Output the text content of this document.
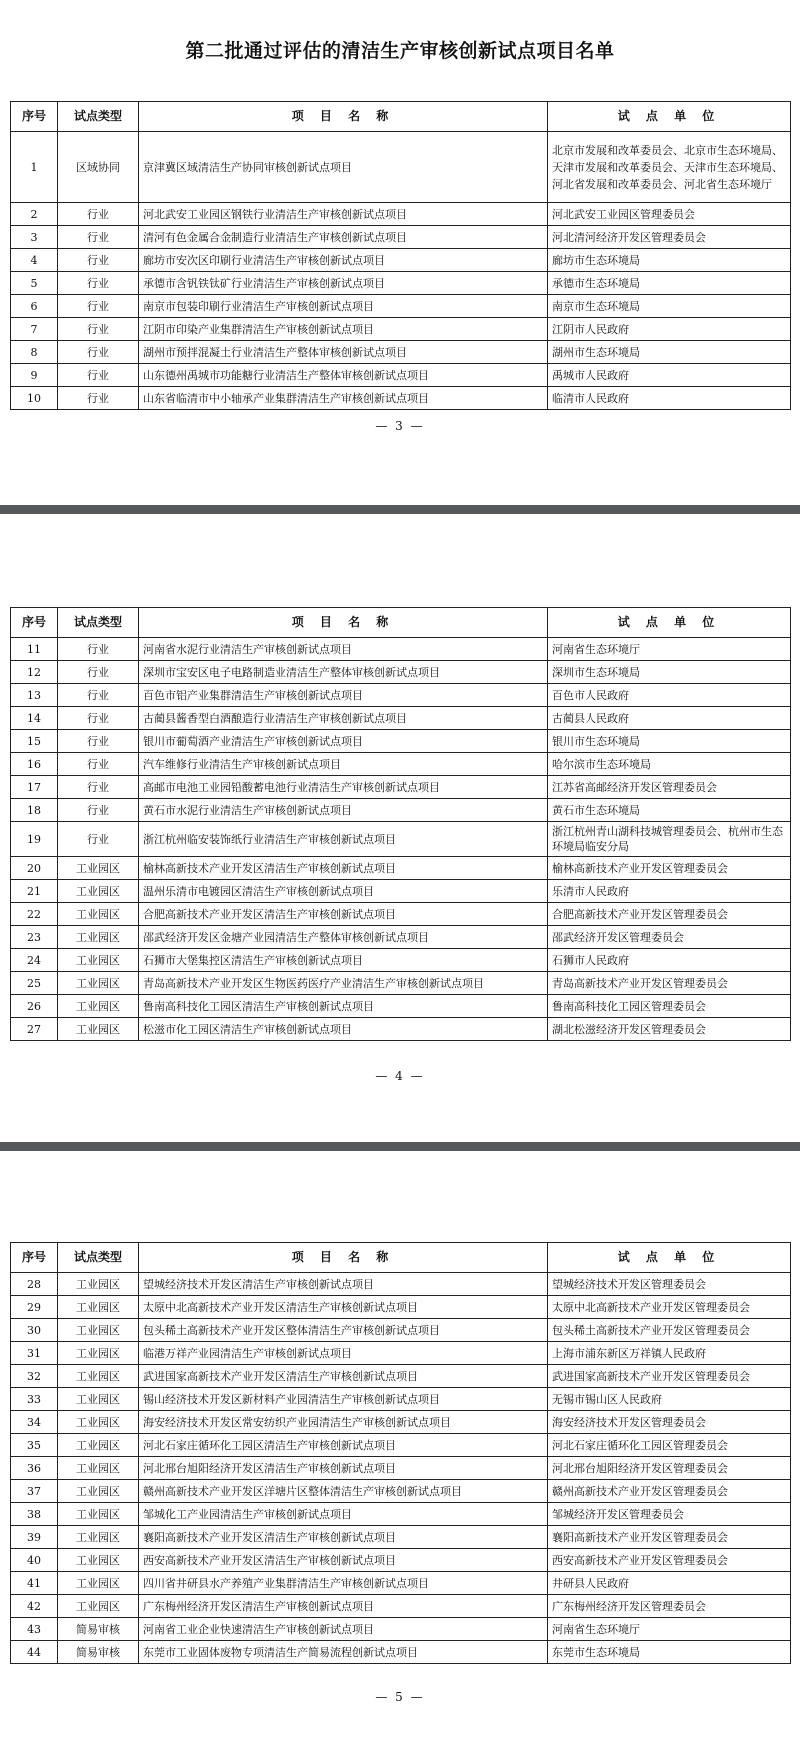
第二批通过评估的清洁生产审核创新试点项目名单
序号	试点类型	项 目 名 称	试 点 单 位
1	区域协同	京津冀区域清洁生产协同审核创新试点项目	北京市发展和改革委员会、北京市生态环境局、天津市发展和改革委员会、天津市生态环境局、河北省发展和改革委员会、河北省生态环境厅
2	行业	河北武安工业园区钢铁行业清洁生产审核创新试点项目	河北武安工业园区管理委员会
3	行业	清河有色金属合金制造行业清洁生产审核创新试点项目	河北清河经济开发区管理委员会
4	行业	廊坊市安次区印刷行业清洁生产审核创新试点项目	廊坊市生态环境局
5	行业	承德市含钒铁钛矿行业清洁生产审核创新试点项目	承德市生态环境局
6	行业	南京市包装印刷行业清洁生产审核创新试点项目	南京市生态环境局
7	行业	江阴市印染产业集群清洁生产审核创新试点项目	江阴市人民政府
8	行业	湖州市预拌混凝土行业清洁生产整体审核创新试点项目	湖州市生态环境局
9	行业	山东德州禹城市功能糖行业清洁生产整体审核创新试点项目	禹城市人民政府
10	行业	山东省临清市中小轴承产业集群清洁生产审核创新试点项目	临清市人民政府
— 3 —
序号	试点类型	项 目 名 称	试 点 单 位
11	行业	河南省水泥行业清洁生产审核创新试点项目	河南省生态环境厅
12	行业	深圳市宝安区电子电路制造业清洁生产整体审核创新试点项目	深圳市生态环境局
13	行业	百色市铝产业集群清洁生产审核创新试点项目	百色市人民政府
14	行业	古蔺县酱香型白酒酿造行业清洁生产审核创新试点项目	古蔺县人民政府
15	行业	银川市葡萄酒产业清洁生产审核创新试点项目	银川市生态环境局
16	行业	汽车维修行业清洁生产审核创新试点项目	哈尔滨市生态环境局
17	行业	高邮市电池工业园铅酸蓄电池行业清洁生产审核创新试点项目	江苏省高邮经济开发区管理委员会
18	行业	黄石市水泥行业清洁生产审核创新试点项目	黄石市生态环境局
19	行业	浙江杭州临安装饰纸行业清洁生产审核创新试点项目	浙江杭州青山湖科技城管理委员会、杭州市生态环境局临安分局
20	工业园区	榆林高新技术产业开发区清洁生产审核创新试点项目	榆林高新技术产业开发区管理委员会
21	工业园区	温州乐清市电镀园区清洁生产审核创新试点项目	乐清市人民政府
22	工业园区	合肥高新技术产业开发区清洁生产审核创新试点项目	合肥高新技术产业开发区管理委员会
23	工业园区	邵武经济开发区金塘产业园清洁生产整体审核创新试点项目	邵武经济开发区管理委员会
24	工业园区	石狮市大堡集控区清洁生产审核创新试点项目	石狮市人民政府
25	工业园区	青岛高新技术产业开发区生物医药医疗产业清洁生产审核创新试点项目	青岛高新技术产业开发区管理委员会
26	工业园区	鲁南高科技化工园区清洁生产审核创新试点项目	鲁南高科技化工园区管理委员会
27	工业园区	松滋市化工园区清洁生产审核创新试点项目	湖北松滋经济开发区管理委员会
— 4 —
序号	试点类型	项 目 名 称	试 点 单 位
28	工业园区	望城经济技术开发区清洁生产审核创新试点项目	望城经济技术开发区管理委员会
29	工业园区	太原中北高新技术产业开发区清洁生产审核创新试点项目	太原中北高新技术产业开发区管理委员会
30	工业园区	包头稀土高新技术产业开发区整体清洁生产审核创新试点项目	包头稀土高新技术产业开发区管理委员会
31	工业园区	临港万祥产业园清洁生产审核创新试点项目	上海市浦东新区万祥镇人民政府
32	工业园区	武进国家高新技术产业开发区清洁生产审核创新试点项目	武进国家高新技术产业开发区管理委员会
33	工业园区	锡山经济技术开发区新材料产业园清洁生产审核创新试点项目	无锡市锡山区人民政府
34	工业园区	海安经济技术开发区常安纺织产业园清洁生产审核创新试点项目	海安经济技术开发区管理委员会
35	工业园区	河北石家庄循环化工园区清洁生产审核创新试点项目	河北石家庄循环化工园区管理委员会
36	工业园区	河北邢台旭阳经济开发区清洁生产审核创新试点项目	河北邢台旭阳经济开发区管理委员会
37	工业园区	赣州高新技术产业开发区洋塘片区整体清洁生产审核创新试点项目	赣州高新技术产业开发区管理委员会
38	工业园区	邹城化工产业园清洁生产审核创新试点项目	邹城经济开发区管理委员会
39	工业园区	襄阳高新技术产业开发区清洁生产审核创新试点项目	襄阳高新技术产业开发区管理委员会
40	工业园区	西安高新技术产业开发区清洁生产审核创新试点项目	西安高新技术产业开发区管理委员会
41	工业园区	四川省井研县水产养殖产业集群清洁生产审核创新试点项目	井研县人民政府
42	工业园区	广东梅州经济开发区清洁生产审核创新试点项目	广东梅州经济开发区管理委员会
43	简易审核	河南省工业企业快速清洁生产审核创新试点项目	河南省生态环境厅
44	简易审核	东莞市工业固体废物专项清洁生产简易流程创新试点项目	东莞市生态环境局
— 5 —
